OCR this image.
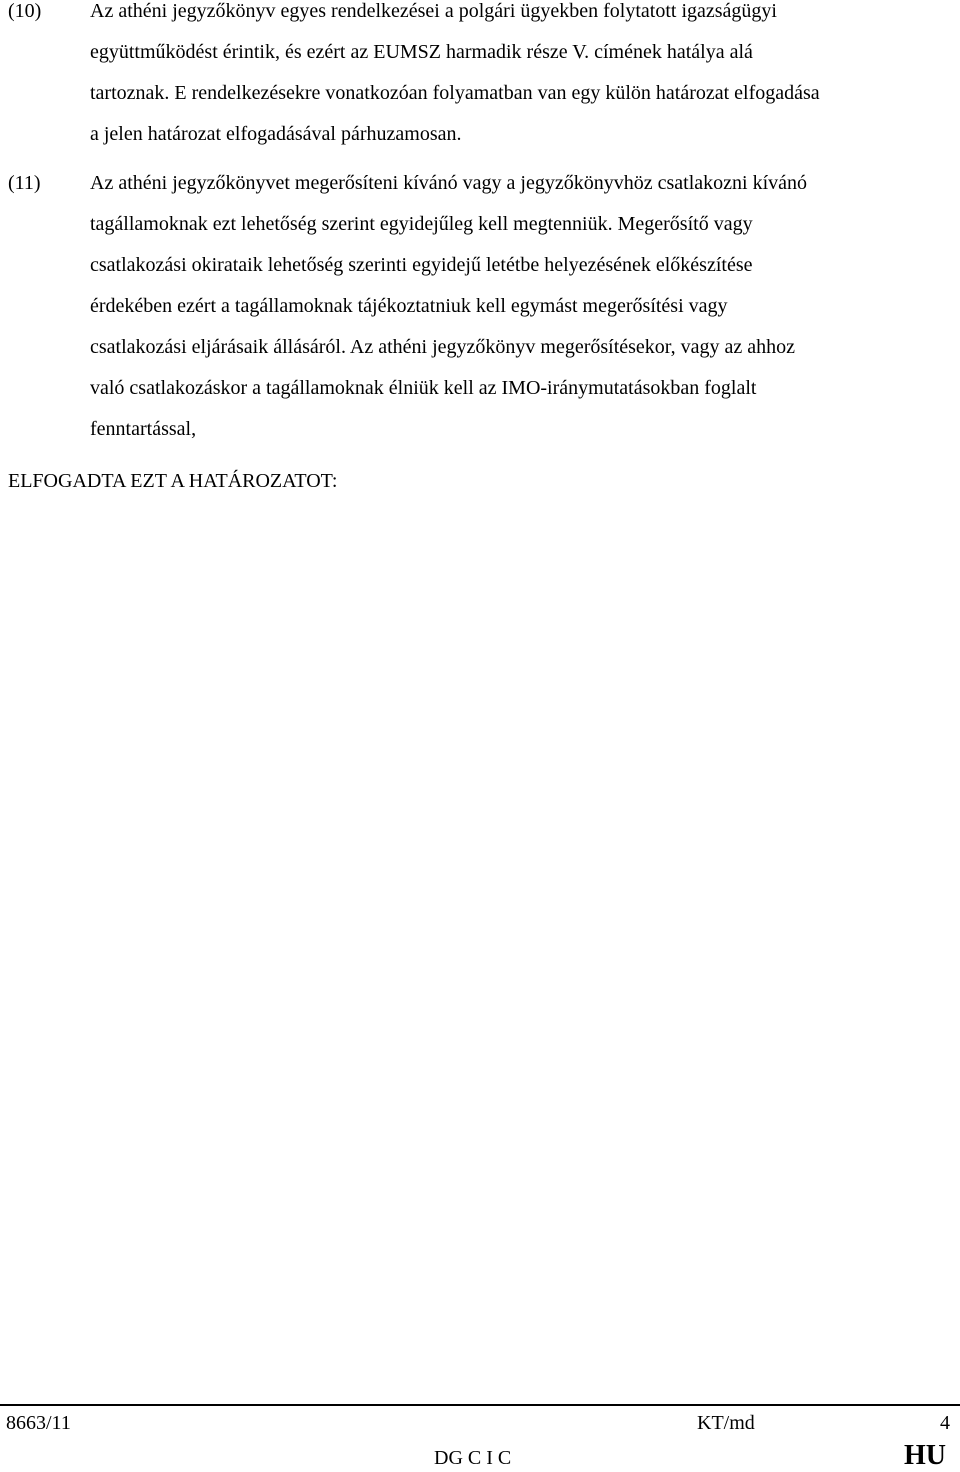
(10) Az athéni jegyzőkönyv egyes rendelkezései a polgári ügyekben folytatott igazságügyi
együttműködést érintik, és ezért az EUMSZ harmadik része V. címének hatálya alá
tartoznak. E rendelkezésekre vonatkozóan folyamatban van egy külön határozat elfogadása
a jelen határozat elfogadásával párhuzamosan.
(11) Az athéni jegyzőkönyvet megerősíteni kívánó vagy a jegyzőkönyvhöz csatlakozni kívánó
tagállamoknak ezt lehetőség szerint egyidejűleg kell megtenniük. Megerősítő vagy
csatlakozási okirataik lehetőség szerinti egyidejű letétbe helyezésének előkészítése
érdekében ezért a tagállamoknak tájékoztatniuk kell egymást megerősítési vagy
csatlakozási eljárásaik állásáról. Az athéni jegyzőkönyv megerősítésekor, vagy az ahhoz
való csatlakozáskor a tagállamoknak élniük kell az IMO-iránymutatásokban foglalt
fenntartással,
ELFOGADTA EZT A HATÁROZATOT:
8663/11	KT/md	4
DG C I C	HU
